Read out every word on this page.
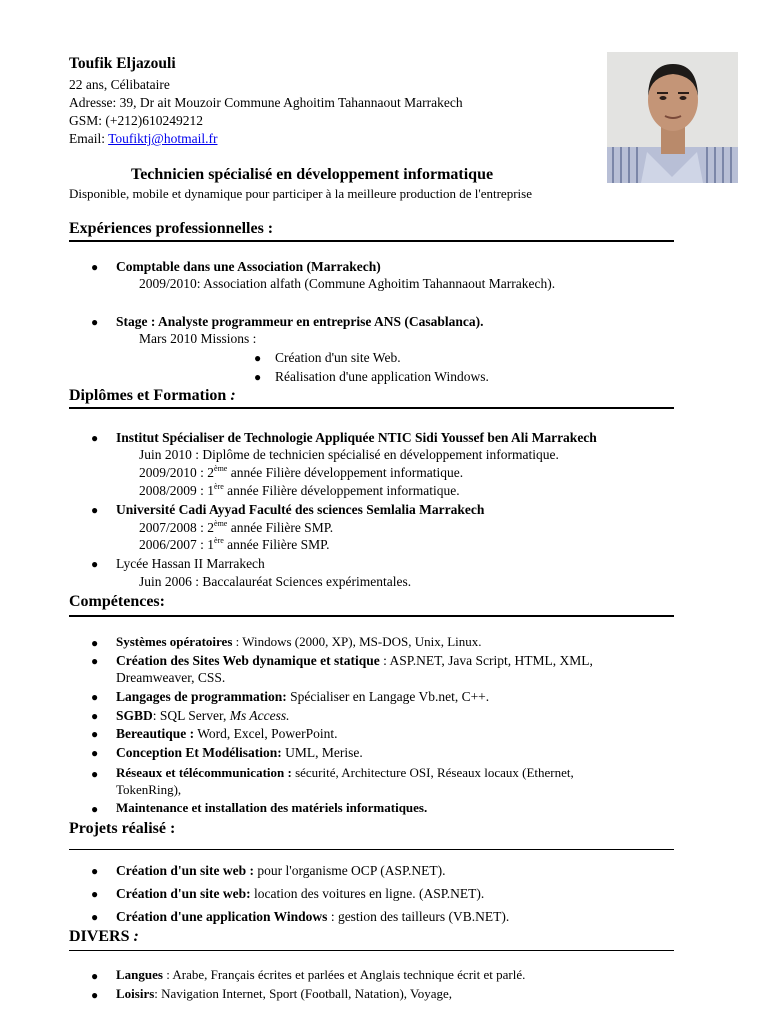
Toufik Eljazouli
22 ans, Célibataire
Adresse: 39, Dr ait Mouzoir Commune Aghoitim Tahannaout Marrakech
GSM: (+212)610249212
Email: Toufiktj@hotmail.fr
Technicien spécialisé en développement informatique
Disponible, mobile et dynamique pour participer à la meilleure production de l'entreprise
Expériences professionnelles :
● Comptable dans une Association (Marrakech)
2009/2010: Association alfath (Commune Aghoitim Tahannaout Marrakech).
● Stage : Analyste programmeur en entreprise ANS (Casablanca).
Mars 2010 Missions :
● Création d'un site Web.
● Réalisation d'une application Windows.
Diplômes et Formation :
● Institut Spécialiser de Technologie Appliquée NTIC Sidi Youssef ben Ali Marrakech
Juin 2010 : Diplôme de technicien spécialisé en développement informatique.
2009/2010 : 2ème année Filière développement informatique.
2008/2009 : 1ère année Filière développement informatique.
● Université Cadi Ayyad Faculté des sciences Semlalia Marrakech
2007/2008 : 2ème année Filière SMP.
2006/2007 : 1ère année Filière SMP.
● Lycée Hassan II Marrakech
Juin 2006 : Baccalauréat Sciences expérimentales.
Compétences:
● Systèmes opératoires : Windows (2000, XP), MS-DOS, Unix, Linux.
● Création des Sites Web dynamique et statique : ASP.NET, Java Script, HTML, XML,
Dreamweaver, CSS.
● Langages de programmation: Spécialiser en Langage Vb.net, C++.
● SGBD: SQL Server, Ms Access.
● Bereautique : Word, Excel, PowerPoint.
● Conception Et Modélisation: UML, Merise.
● Réseaux et télécommunication : sécurité, Architecture OSI, Réseaux locaux (Ethernet,
TokenRing),
● Maintenance et installation des matériels informatiques.
Projets réalisé :
● Création d'un site web : pour l'organisme OCP (ASP.NET).
● Création d'un site web: location des voitures en ligne. (ASP.NET).
● Création d'une application Windows : gestion des tailleurs (VB.NET).
DIVERS :
● Langues : Arabe, Français écrites et parlées et Anglais technique écrit et parlé.
● Loisirs: Navigation Internet, Sport (Football, Natation), Voyage,
